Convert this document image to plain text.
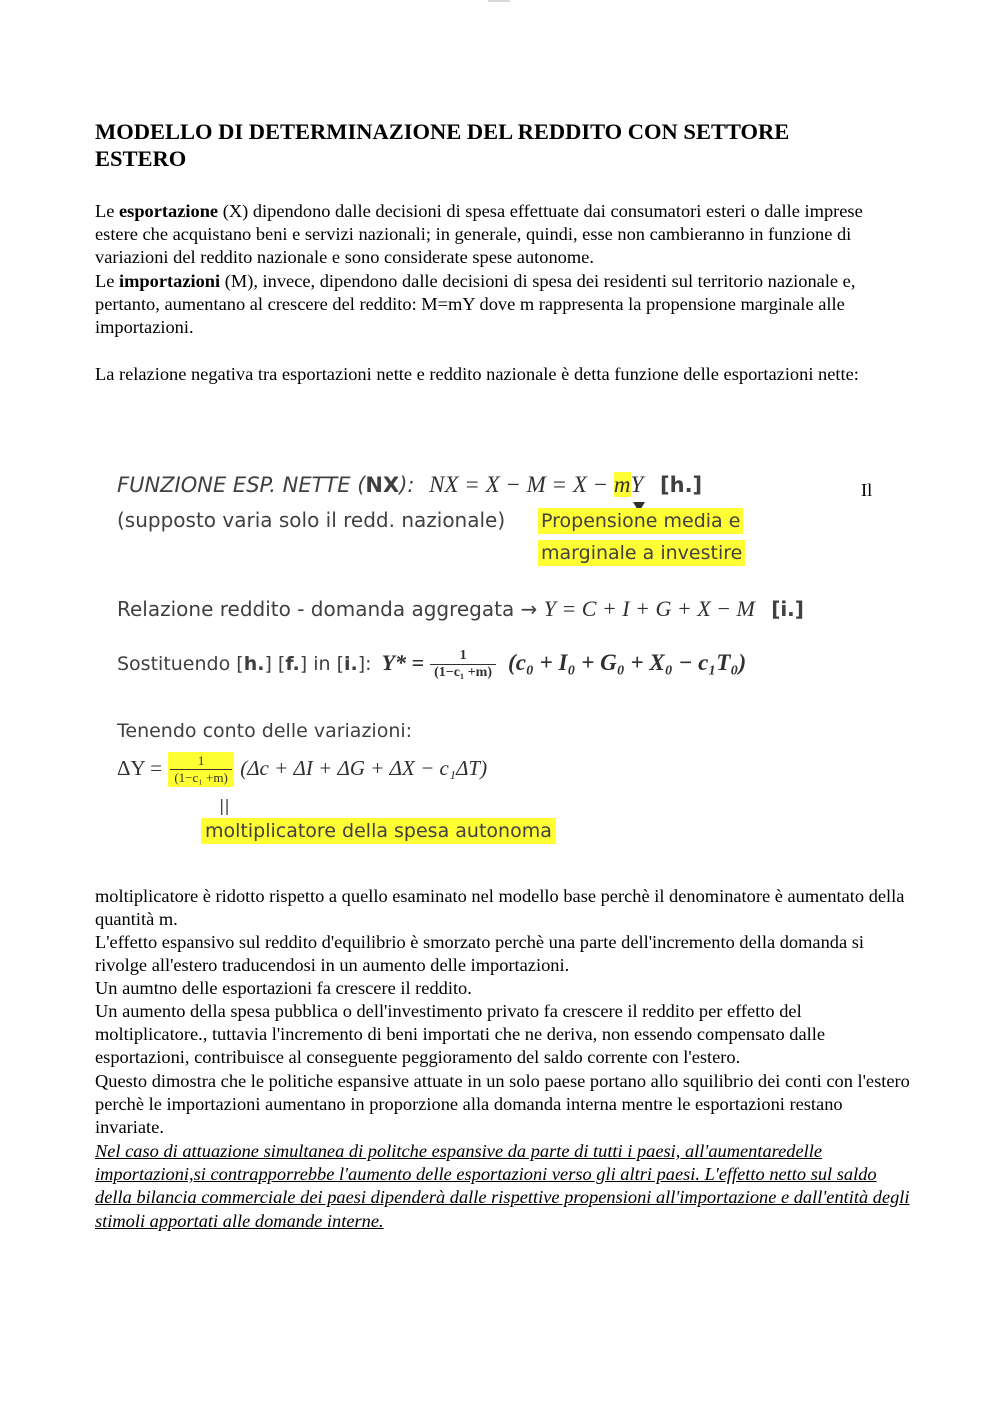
MODELLO DI DETERMINAZIONE DEL REDDITO CON SETTORE
ESTERO
Le esportazione (X) dipendono dalle decisioni di spesa effettuate dai consumatori esteri o dalle imprese estere che acquistano beni e servizi nazionali; in generale, quindi, esse non cambieranno in funzione di variazioni del reddito nazionale e sono considerate spese autonome.
Le importazioni (M), invece, dipendono dalle decisioni di spesa dei residenti sul territorio nazionale e, pertanto, aumentano al crescere del reddito: M=mY dove m rappresenta la propensione marginale alle importazioni.
La relazione negativa tra esportazioni nette e reddito nazionale è detta funzione delle esportazioni nette:
FUNZIONE ESP. NETTE (NX): NX = X − M = X − mY [h.]
(supposto varia solo il redd. nazionale) Propensione media e
marginale a investire
Relazione reddito - domanda aggregata → Y = C + I + G + X − M [i.]
Sostituendo [h.] [f.] in [i.]: $Y* = \frac{1}{\text{(1−c₁ +m)}} (c_0 + I_0 + G_0 + X_0 - c_1T_0)$
Tenendo conto delle variazioni:
$\Delta Y = \frac{1}{\text{(1−c₁ +m)}} (\Delta c + \Delta I + \Delta G + \Delta X - c_1\Delta T)$
||
moltiplicatore della spesa autonoma
Il
moltiplicatore è ridotto rispetto a quello esaminato nel modello base perchè il denominatore è aumentato della quantità m.
L'effetto espansivo sul reddito d'equilibrio è smorzato perchè una parte dell'incremento della domanda si rivolge all'estero traducendosi in un aumento delle importazioni.
Un aumtno delle esportazioni fa crescere il reddito.
Un aumento della spesa pubblica o dell'investimento privato fa crescere il reddito per effetto del moltiplicatore., tuttavia l'incremento di beni importati che ne deriva, non essendo compensato dalle esportazioni, contribuisce al conseguente peggioramento del saldo corrente con l'estero.
Questo dimostra che le politiche espansive attuate in un solo paese portano allo squilibrio dei conti con l'estero perchè le importazioni aumentano in proporzione alla domanda interna mentre le esportazioni restano invariate.
Nel caso di attuazione simultanea di politche espansive da parte di tutti i paesi, all'aumentaredelle importazioni,si contrapporrebbe l'aumento delle esportazioni verso gli altri paesi. L'effetto netto sul saldo della bilancia commerciale dei paesi dipenderà dalle rispettive propensioni all'importazione e dall'entità degli stimoli apportati alle domande interne.
